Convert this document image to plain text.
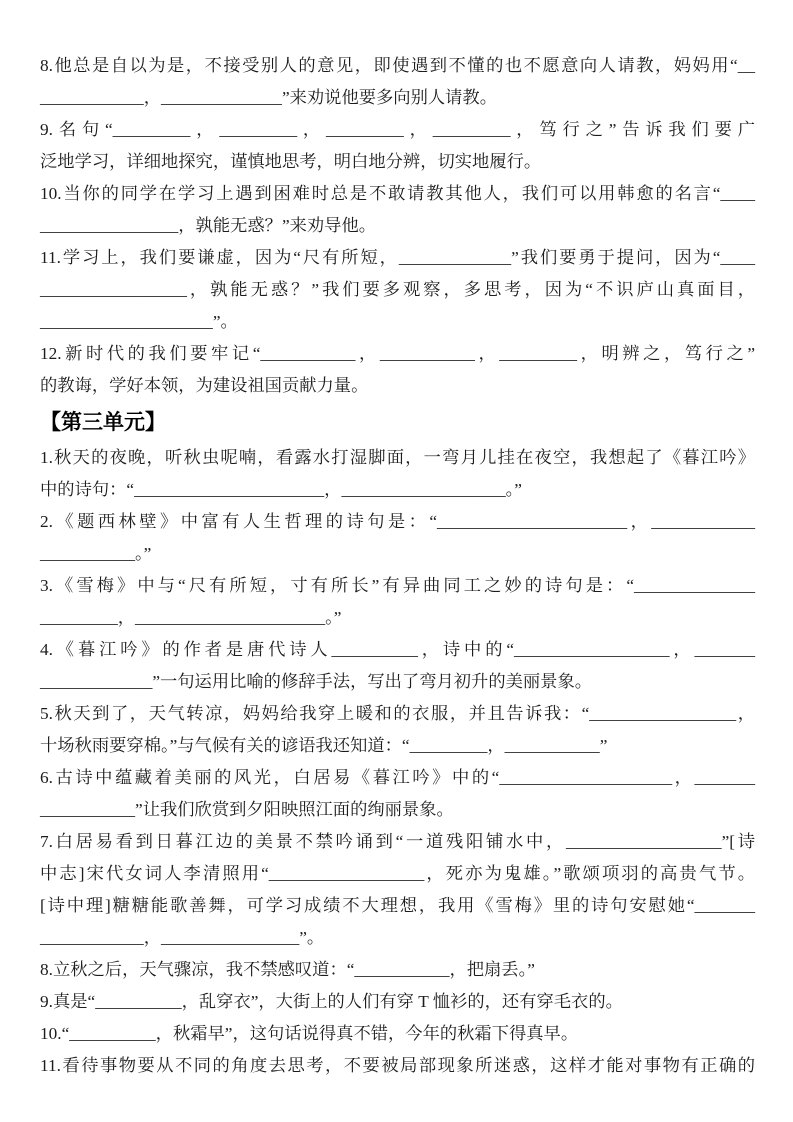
8.他总是自以为是，不接受别人的意见，即使遇到不懂的也不愿意向人请教，妈妈用“__
____________，______________”来劝说他要多向别人请教。
9.名句“_________，_________，_________，_________，笃行之”告诉我们要广
泛地学习，详细地探究，谨慎地思考，明白地分辨，切实地履行。
10.当你的同学在学习上遇到困难时总是不敢请教其他人，我们可以用韩愈的名言“____
________________，孰能无惑？”来劝导他。
11.学习上，我们要谦虚，因为“尺有所短，_____________”我们要勇于提问，因为“____
_________________，孰能无惑？”我们要多观察，多思考，因为“不识庐山真面目，
____________________”。
12.新时代的我们要牢记“___________，___________，_________，明辨之，笃行之”
的教诲，学好本领，为建设祖国贡献力量。
【第三单元】
1.秋天的夜晚，听秋虫呢喃，看露水打湿脚面，一弯月儿挂在夜空，我想起了《暮江吟》
中的诗句：“______________________，___________________。”
2.《题西林壁》中富有人生哲理的诗句是：“______________________，____________
___________。”
3.《雪梅》中与“尺有所短，寸有所长”有异曲同工之妙的诗句是：“______________
_________，______________________。”
4.《暮江吟》的作者是唐代诗人__________，诗中的“__________________，_______
_____________”一句运用比喻的修辞手法，写出了弯月初升的美丽景象。
5.秋天到了，天气转凉，妈妈给我穿上暖和的衣服，并且告诉我：“_________________，
十场秋雨要穿棉。”与气候有关的谚语我还知道：“_________，___________”
6.古诗中蕴藏着美丽的风光，白居易《暮江吟》中的“____________________，_______
___________”让我们欣赏到夕阳映照江面的绚丽景象。
7.白居易看到日暮江边的美景不禁吟诵到“一道残阳铺水中，__________________”[诗
中志]宋代女词人李清照用“__________________，死亦为鬼雄。”歌颂项羽的高贵气节。
[诗中理]糖糖能歌善舞，可学习成绩不大理想，我用《雪梅》里的诗句安慰她“_______
____________，________________”。
8.立秋之后，天气骤凉，我不禁感叹道：“___________，把扇丢。”
9.真是“__________，乱穿衣”，大街上的人们有穿 T 恤衫的，还有穿毛衣的。
10.“__________，秋霜早”，这句话说得真不错，今年的秋霜下得真早。
11.看待事物要从不同的角度去思考，不要被局部现象所迷惑，这样才能对事物有正确的
